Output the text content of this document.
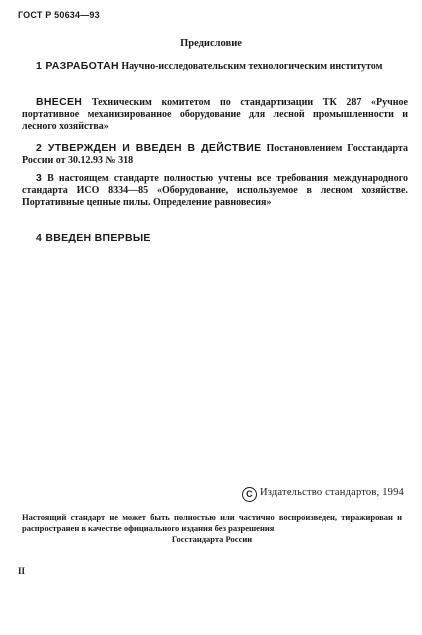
ГОСТ Р 50634—93
Предисловие
1 РАЗРАБОТАН Научно-исследовательским технологическим институтом
ВНЕСЕН Техническим комитетом по стандартизации ТК 287 «Ручное портативное механизированное оборудование для лесной промышленности и лесного хозяйства»
2 УТВЕРЖДЕН И ВВЕДЕН В ДЕЙСТВИЕ Постановлением Госстандарта России от 30.12.93 № 318
3 В настоящем стандарте полностью учтены все требования международного стандарта ИСО 8334—85 «Оборудование, используемое в лесном хозяйстве. Портативные цепные пилы. Определение равновесия»
4 ВВЕДЕН ВПЕРВЫЕ
C Издательство стандартов, 1994
Настоящий стандарт не может быть полностью или частично воспроизведен, тиражирован и распространен в качестве официального издания без разрешения
Госстандарта России
II
